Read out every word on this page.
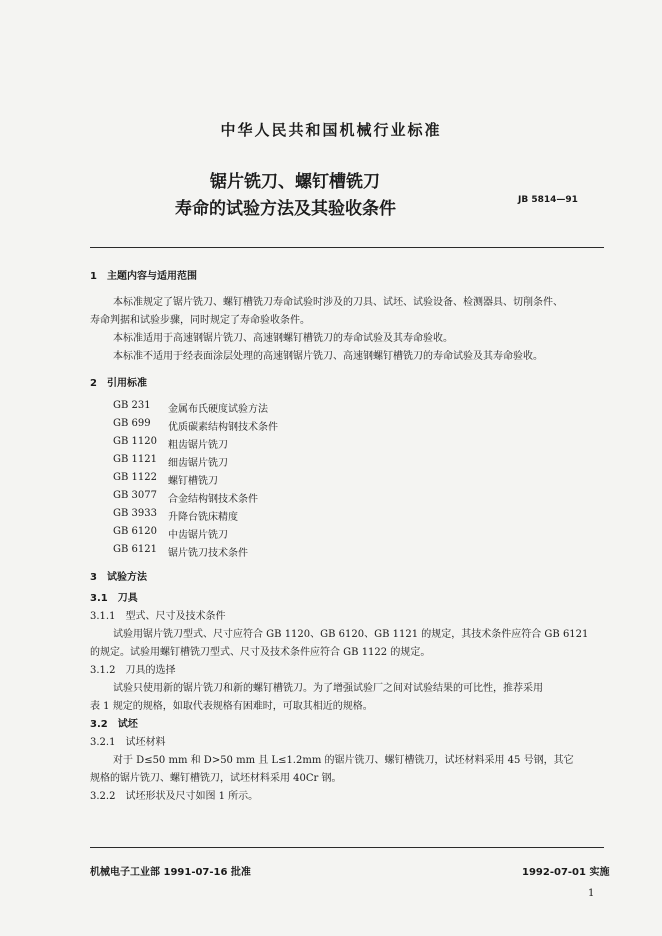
中华人民共和国机械行业标准
锯片铣刀、螺钉槽铣刀
寿命的试验方法及其验收条件	JB 5814—91
1　主题内容与适用范围
本标准规定了锯片铣刀、螺钉槽铣刀寿命试验时涉及的刀具、试坯、试验设备、检测器具、切削条件、
寿命判据和试验步骤，同时规定了寿命验收条件。
本标准适用于高速钢锯片铣刀、高速钢螺钉槽铣刀的寿命试验及其寿命验收。
本标准不适用于经表面涂层处理的高速钢锯片铣刀、高速钢螺钉槽铣刀的寿命试验及其寿命验收。
2　引用标准
GB 231 金属布氏硬度试验方法
GB 699 优质碳素结构钢技术条件
GB 1120 粗齿锯片铣刀
GB 1121 细齿锯片铣刀
GB 1122 螺钉槽铣刀
GB 3077 合金结构钢技术条件
GB 3933 升降台铣床精度
GB 6120 中齿锯片铣刀
GB 6121 锯片铣刀技术条件
3　试验方法
3.1　刀具
3.1.1　型式、尺寸及技术条件
试验用锯片铣刀型式、尺寸应符合 GB 1120、GB 6120、GB 1121 的规定，其技术条件应符合 GB 6121
的规定。试验用螺钉槽铣刀型式、尺寸及技术条件应符合 GB 1122 的规定。
3.1.2　刀具的选择
试验只使用新的锯片铣刀和新的螺钉槽铣刀。为了增强试验厂之间对试验结果的可比性，推荐采用
表 1 规定的规格，如取代表规格有困难时，可取其相近的规格。
3.2　试坯
3.2.1　试坯材料
对于 D≤50 mm 和 D>50 mm 且 L≤1.2mm 的锯片铣刀、螺钉槽铣刀，试坯材料采用 45 号钢，其它
规格的锯片铣刀、螺钉槽铣刀，试坯材料采用 40Cr 钢。
3.2.2　试坯形状及尺寸如图 1 所示。
机械电子工业部 1991-07-16 批准	1992-07-01 实施
1
